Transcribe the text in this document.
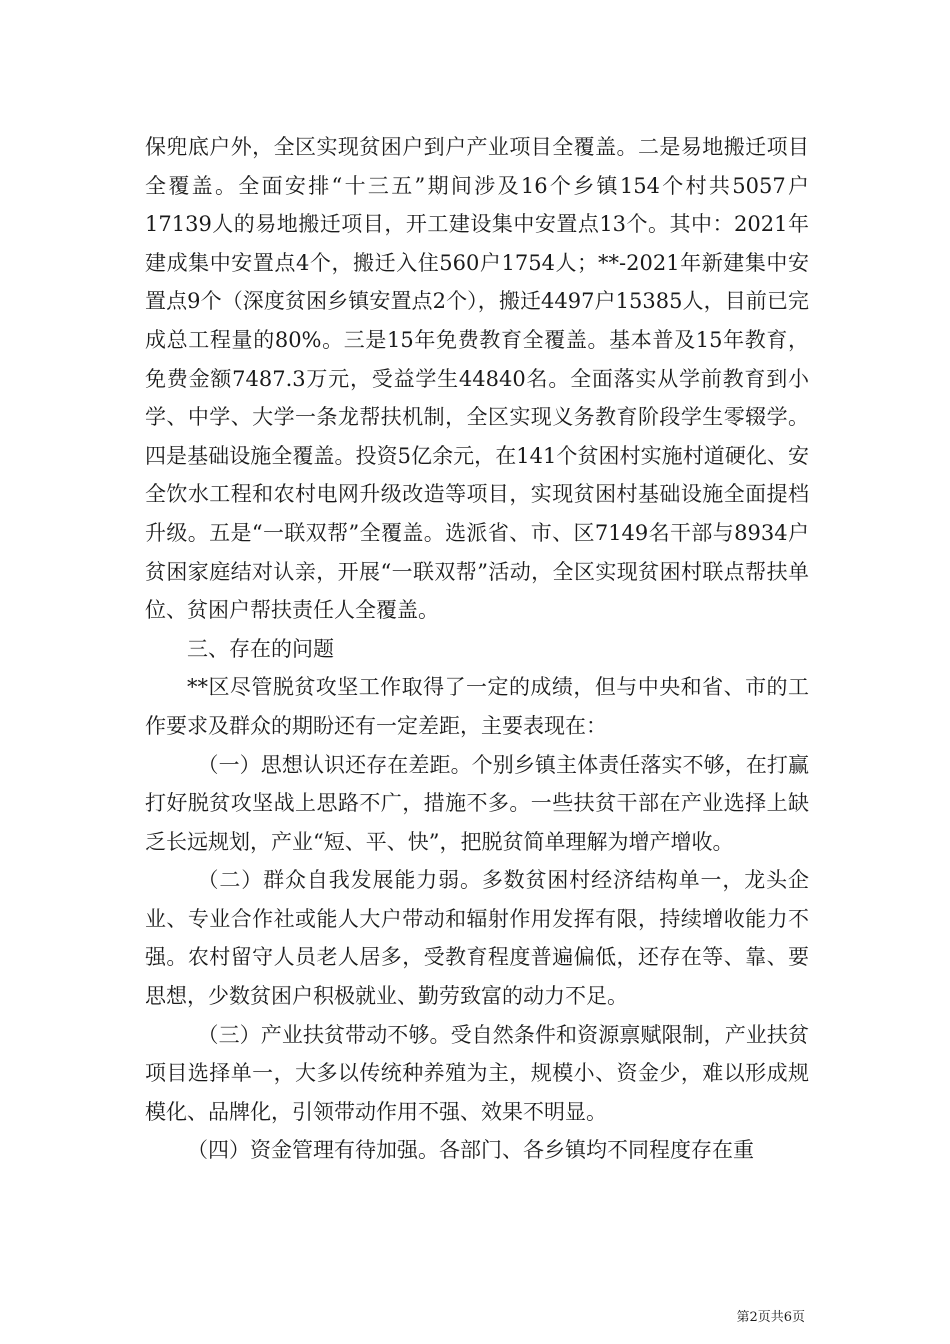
保兜底户外，全区实现贫困户到户产业项目全覆盖。二是易地搬迁项目全覆盖。全面安排“十三五”期间涉及16个乡镇154个村共5057户17139人的易地搬迁项目，开工建设集中安置点13个。其中：2021年建成集中安置点4个，搬迁入住560户1754人；**-2021年新建集中安置点9个（深度贫困乡镇安置点2个），搬迁4497户15385人，目前已完成总工程量的80%。三是15年免费教育全覆盖。基本普及15年教育，免费金额7487.3万元，受益学生44840名。全面落实从学前教育到小学、中学、大学一条龙帮扶机制，全区实现义务教育阶段学生零辍学。四是基础设施全覆盖。投资5亿余元，在141个贫困村实施村道硬化、安全饮水工程和农村电网升级改造等项目，实现贫困村基础设施全面提档升级。五是“一联双帮”全覆盖。选派省、市、区7149名干部与8934户贫困家庭结对认亲，开展“一联双帮”活动，全区实现贫困村联点帮扶单位、贫困户帮扶责任人全覆盖。

三、存在的问题

**区尽管脱贫攻坚工作取得了一定的成绩，但与中央和省、市的工作要求及群众的期盼还有一定差距，主要表现在：

（一）思想认识还存在差距。个别乡镇主体责任落实不够，在打赢打好脱贫攻坚战上思路不广，措施不多。一些扶贫干部在产业选择上缺乏长远规划，产业“短、平、快”，把脱贫简单理解为增产增收。

（二）群众自我发展能力弱。多数贫困村经济结构单一，龙头企业、专业合作社或能人大户带动和辐射作用发挥有限，持续增收能力不强。农村留守人员老人居多，受教育程度普遍偏低，还存在等、靠、要思想，少数贫困户积极就业、勤劳致富的动力不足。

（三）产业扶贫带动不够。受自然条件和资源禀赋限制，产业扶贫项目选择单一，大多以传统种养殖为主，规模小、资金少，难以形成规模化、品牌化，引领带动作用不强、效果不明显。

（四）资金管理有待加强。各部门、各乡镇均不同程度存在重

第2页共6页
